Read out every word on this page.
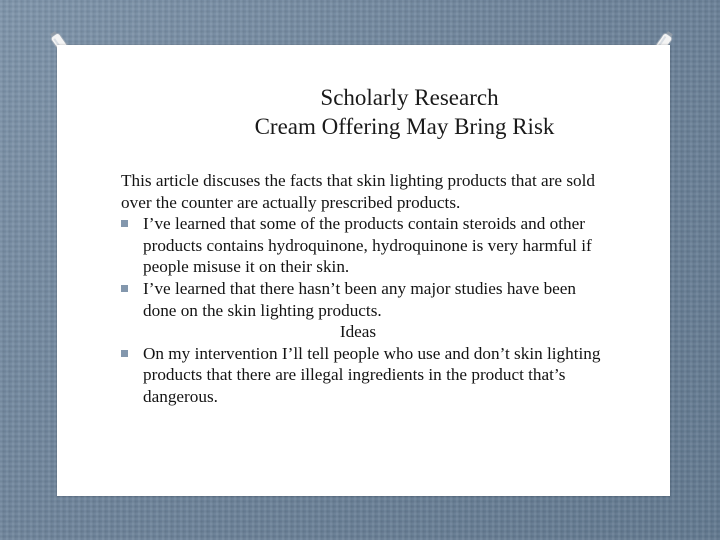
Scholarly Research
Cream Offering May Bring Risk

This article discuses the facts that skin lighting products that are sold over the counter are actually prescribed products.

I’ve learned that some of the products contain steroids and other products contains hydroquinone, hydroquinone is very harmful if people misuse it on their skin.

I’ve learned that there hasn’t been any major studies have been done on the skin lighting products.

Ideas

On my intervention I’ll tell people who use and don’t skin lighting products that there are illegal ingredients in the product that’s dangerous.
